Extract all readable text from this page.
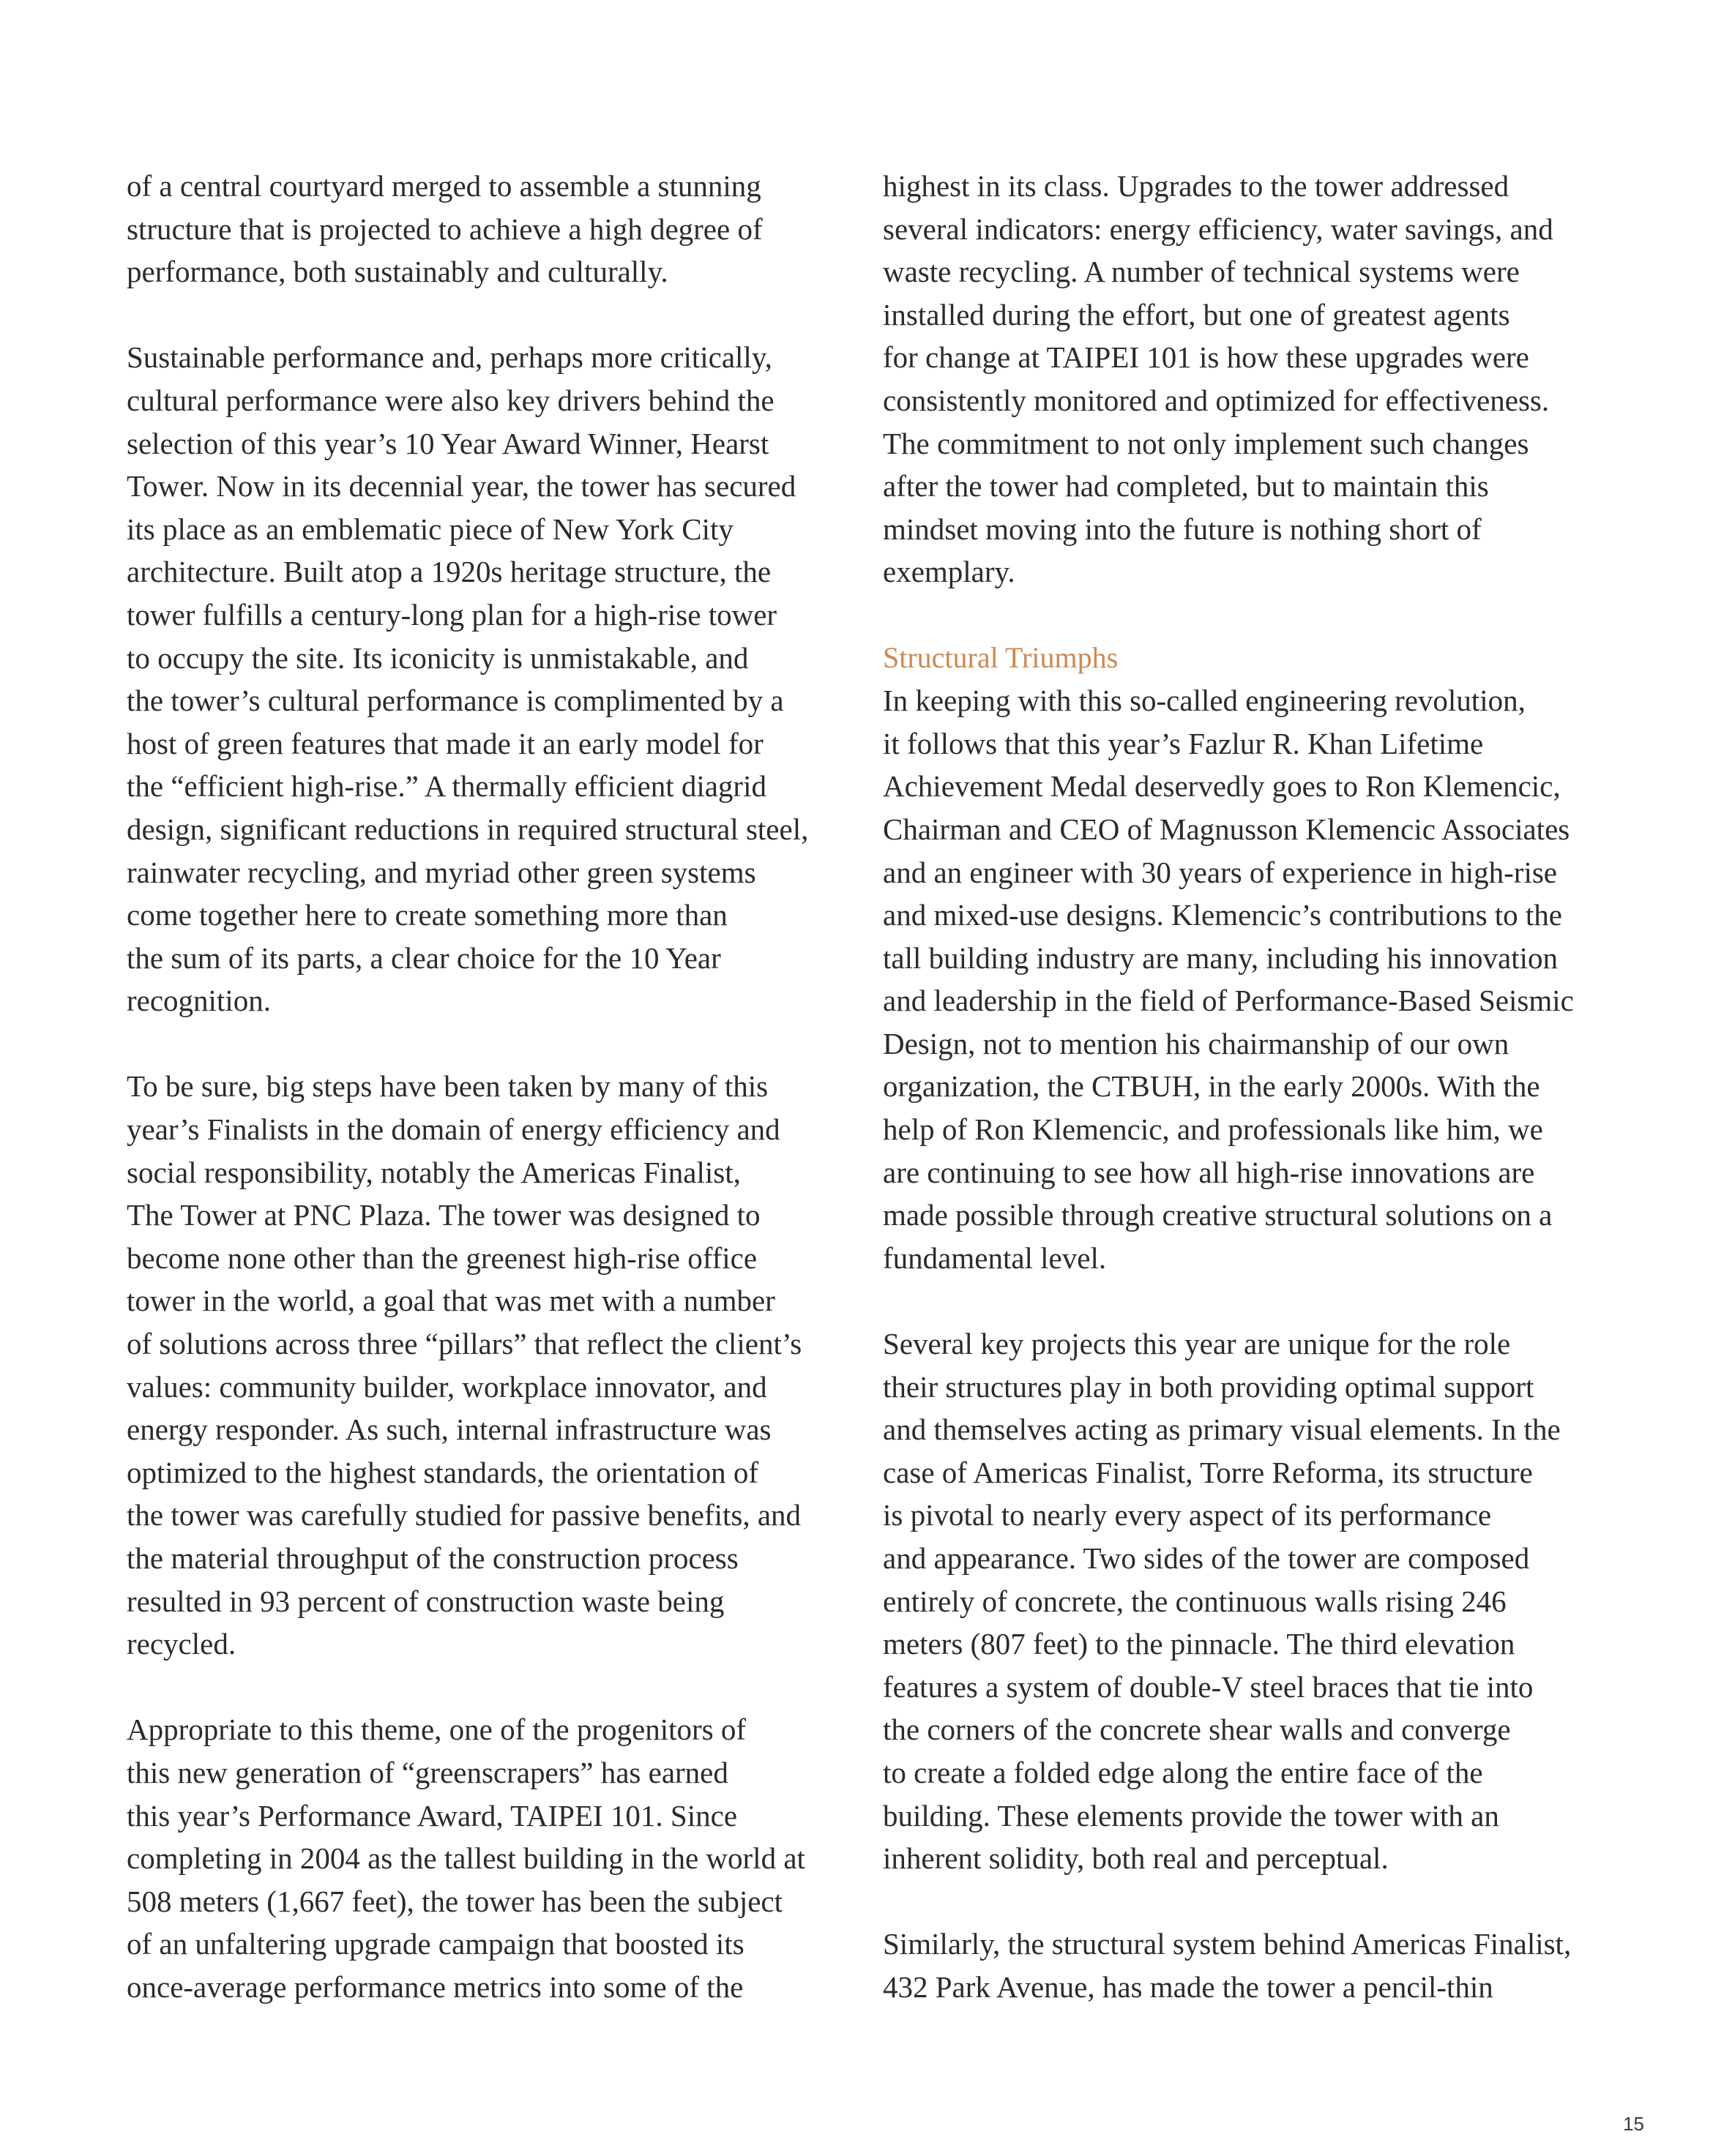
of a central courtyard merged to assemble a stunning
structure that is projected to achieve a high degree of
performance, both sustainably and culturally.
Sustainable performance and, perhaps more critically,
cultural performance were also key drivers behind the
selection of this year’s 10 Year Award Winner, Hearst
Tower. Now in its decennial year, the tower has secured
its place as an emblematic piece of New York City
architecture. Built atop a 1920s heritage structure, the
tower fulfills a century-long plan for a high-rise tower
to occupy the site. Its iconicity is unmistakable, and
the tower’s cultural performance is complimented by a
host of green features that made it an early model for
the “efficient high-rise.” A thermally efficient diagrid
design, significant reductions in required structural steel,
rainwater recycling, and myriad other green systems
come together here to create something more than
the sum of its parts, a clear choice for the 10 Year
recognition.
To be sure, big steps have been taken by many of this
year’s Finalists in the domain of energy efficiency and
social responsibility, notably the Americas Finalist,
The Tower at PNC Plaza. The tower was designed to
become none other than the greenest high-rise office
tower in the world, a goal that was met with a number
of solutions across three “pillars” that reflect the client’s
values: community builder, workplace innovator, and
energy responder. As such, internal infrastructure was
optimized to the highest standards, the orientation of
the tower was carefully studied for passive benefits, and
the material throughput of the construction process
resulted in 93 percent of construction waste being
recycled.
Appropriate to this theme, one of the progenitors of
this new generation of “greenscrapers” has earned
this year’s Performance Award, TAIPEI 101. Since
completing in 2004 as the tallest building in the world at
508 meters (1,667 feet), the tower has been the subject
of an unfaltering upgrade campaign that boosted its
once-average performance metrics into some of the
highest in its class. Upgrades to the tower addressed
several indicators: energy efficiency, water savings, and
waste recycling. A number of technical systems were
installed during the effort, but one of greatest agents
for change at TAIPEI 101 is how these upgrades were
consistently monitored and optimized for effectiveness.
The commitment to not only implement such changes
after the tower had completed, but to maintain this
mindset moving into the future is nothing short of
exemplary.
Structural Triumphs
In keeping with this so-called engineering revolution,
it follows that this year’s Fazlur R. Khan Lifetime
Achievement Medal deservedly goes to Ron Klemencic,
Chairman and CEO of Magnusson Klemencic Associates
and an engineer with 30 years of experience in high-rise
and mixed-use designs. Klemencic’s contributions to the
tall building industry are many, including his innovation
and leadership in the field of Performance-Based Seismic
Design, not to mention his chairmanship of our own
organization, the CTBUH, in the early 2000s. With the
help of Ron Klemencic, and professionals like him, we
are continuing to see how all high-rise innovations are
made possible through creative structural solutions on a
fundamental level.
Several key projects this year are unique for the role
their structures play in both providing optimal support
and themselves acting as primary visual elements. In the
case of Americas Finalist, Torre Reforma, its structure
is pivotal to nearly every aspect of its performance
and appearance. Two sides of the tower are composed
entirely of concrete, the continuous walls rising 246
meters (807 feet) to the pinnacle. The third elevation
features a system of double-V steel braces that tie into
the corners of the concrete shear walls and converge
to create a folded edge along the entire face of the
building. These elements provide the tower with an
inherent solidity, both real and perceptual.
Similarly, the structural system behind Americas Finalist,
432 Park Avenue, has made the tower a pencil-thin
15
